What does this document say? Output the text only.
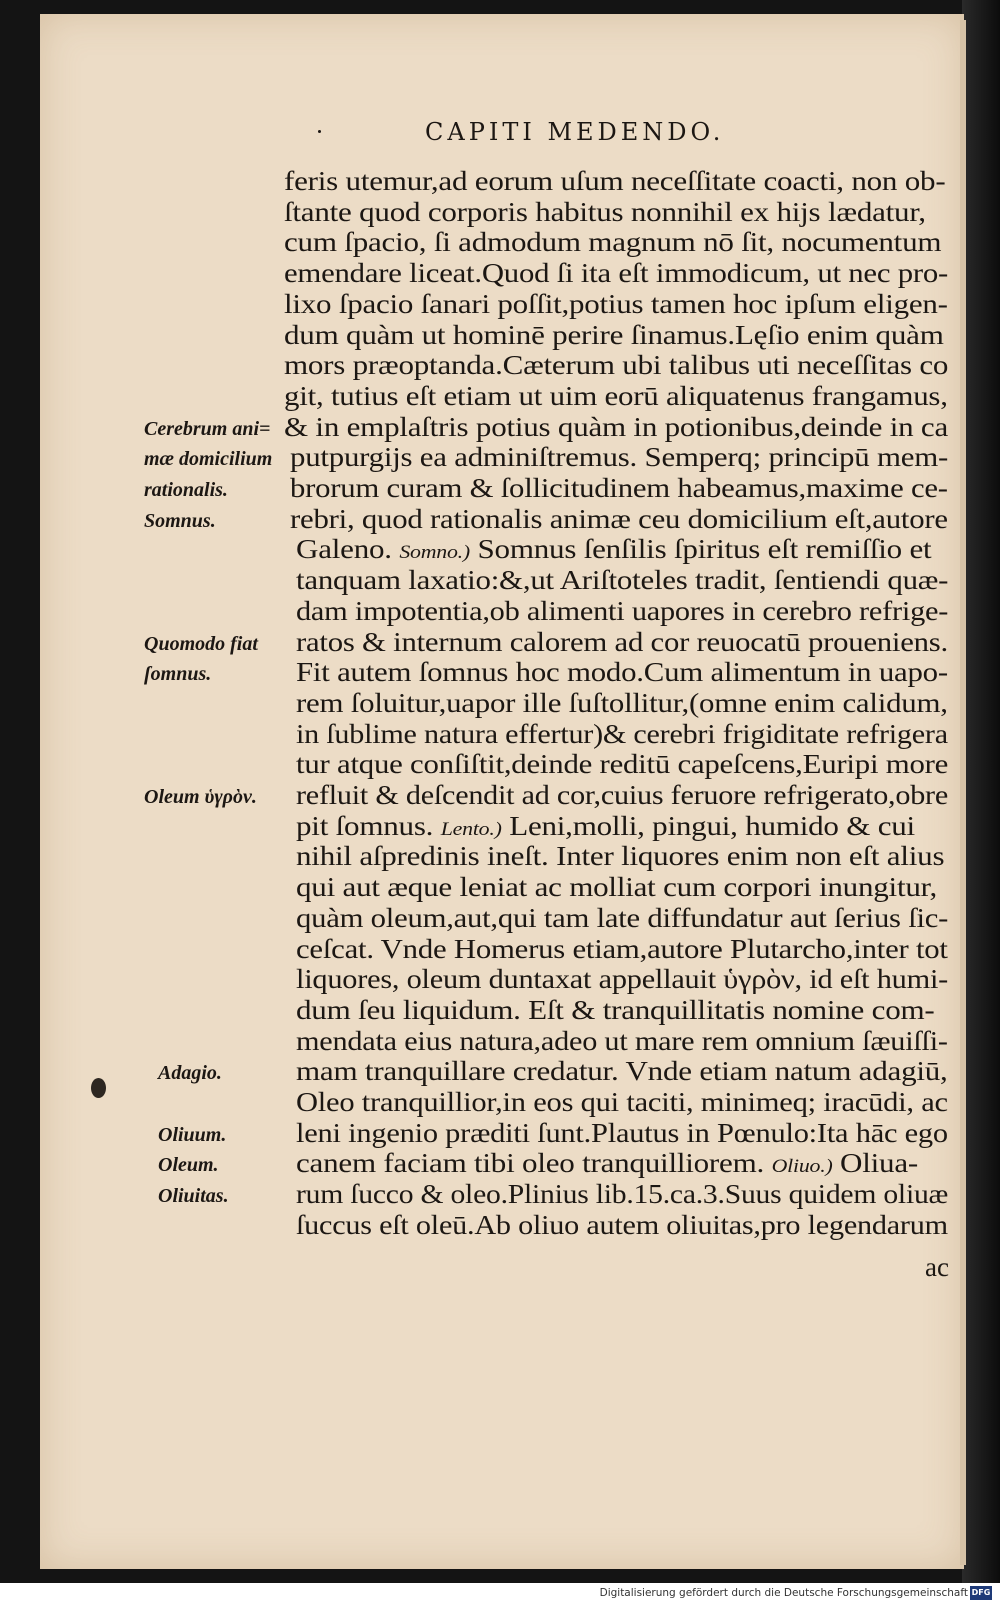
CAPITI MEDENDO.
feris utemur,ad eorum uſum neceſſitate coacti, non ob-
ſtante quod corporis habitus nonnihil ex hijs lædatur,
cum ſpacio, ſi admodum magnum nō ſit, nocumentum
emendare liceat.Quod ſi ita eſt immodicum, ut nec pro-
lixo ſpacio ſanari poſſit,potius tamen hoc ipſum eligen-
dum quàm ut hominē perire ſinamus.Lęſio enim quàm
mors præoptanda.Cæterum ubi talibus uti neceſſitas co
git, tutius eſt etiam ut uim eorū aliquatenus frangamus,
& in emplaſtris potius quàm in potionibus,deinde in ca
putpurgijs ea adminiſtremus. Semperq; principū mem-
brorum curam & ſollicitudinem habeamus,maxime ce-
rebri, quod rationalis animæ ceu domicilium eſt,autore
Galeno. Somno.) Somnus ſenſilis ſpiritus eſt remiſſio et
tanquam laxatio:&,ut Ariſtoteles tradit, ſentiendi quæ-
dam impotentia,ob alimenti uapores in cerebro refrige-
ratos & internum calorem ad cor reuocatū proueniens.
Fit autem ſomnus hoc modo.Cum alimentum in uapo-
rem ſoluitur,uapor ille ſuſtollitur,(omne enim calidum,
in ſublime natura effertur)& cerebri frigiditate refrigera
tur atque conſiſtit,deinde reditū capeſcens,Euripi more
refluit & deſcendit ad cor,cuius feruore refrigerato,obre
pit ſomnus. Lento.) Leni,molli, pingui, humido & cui
nihil aſpredinis ineſt. Inter liquores enim non eſt alius
qui aut æque leniat ac molliat cum corpori inungitur,
quàm oleum,aut,qui tam late diffundatur aut ſerius ſic-
ceſcat. Vnde Homerus etiam,autore Plutarcho,inter tot
liquores, oleum duntaxat appellauit ὑγρὸν, id eſt humi-
dum ſeu liquidum. Eſt & tranquillitatis nomine com-
mendata eius natura,adeo ut mare rem omnium ſæuiſſi-
mam tranquillare credatur. Vnde etiam natum adagiū,
Oleo tranquillior,in eos qui taciti, minimeq; iracūdi, ac
leni ingenio præditi ſunt.Plautus in Pœnulo:Ita hāc ego
canem faciam tibi oleo tranquilliorem. Oliuo.) Oliua-
rum ſucco & oleo.Plinius lib.15.ca.3.Suus quidem oliuæ
ſuccus eſt oleū.Ab oliuo autem oliuitas,pro legendarum
Cerebrum ani=
mæ domicilium
rationalis.
Somnus.
Quomodo fiat
ſomnus.
Oleum ὑγρὸν.
Adagio.
Oliuum.
Oleum.
Oliuitas.
ac
Digitalisierung gefördert durch die Deutsche Forschungsgemeinschaft DFG
